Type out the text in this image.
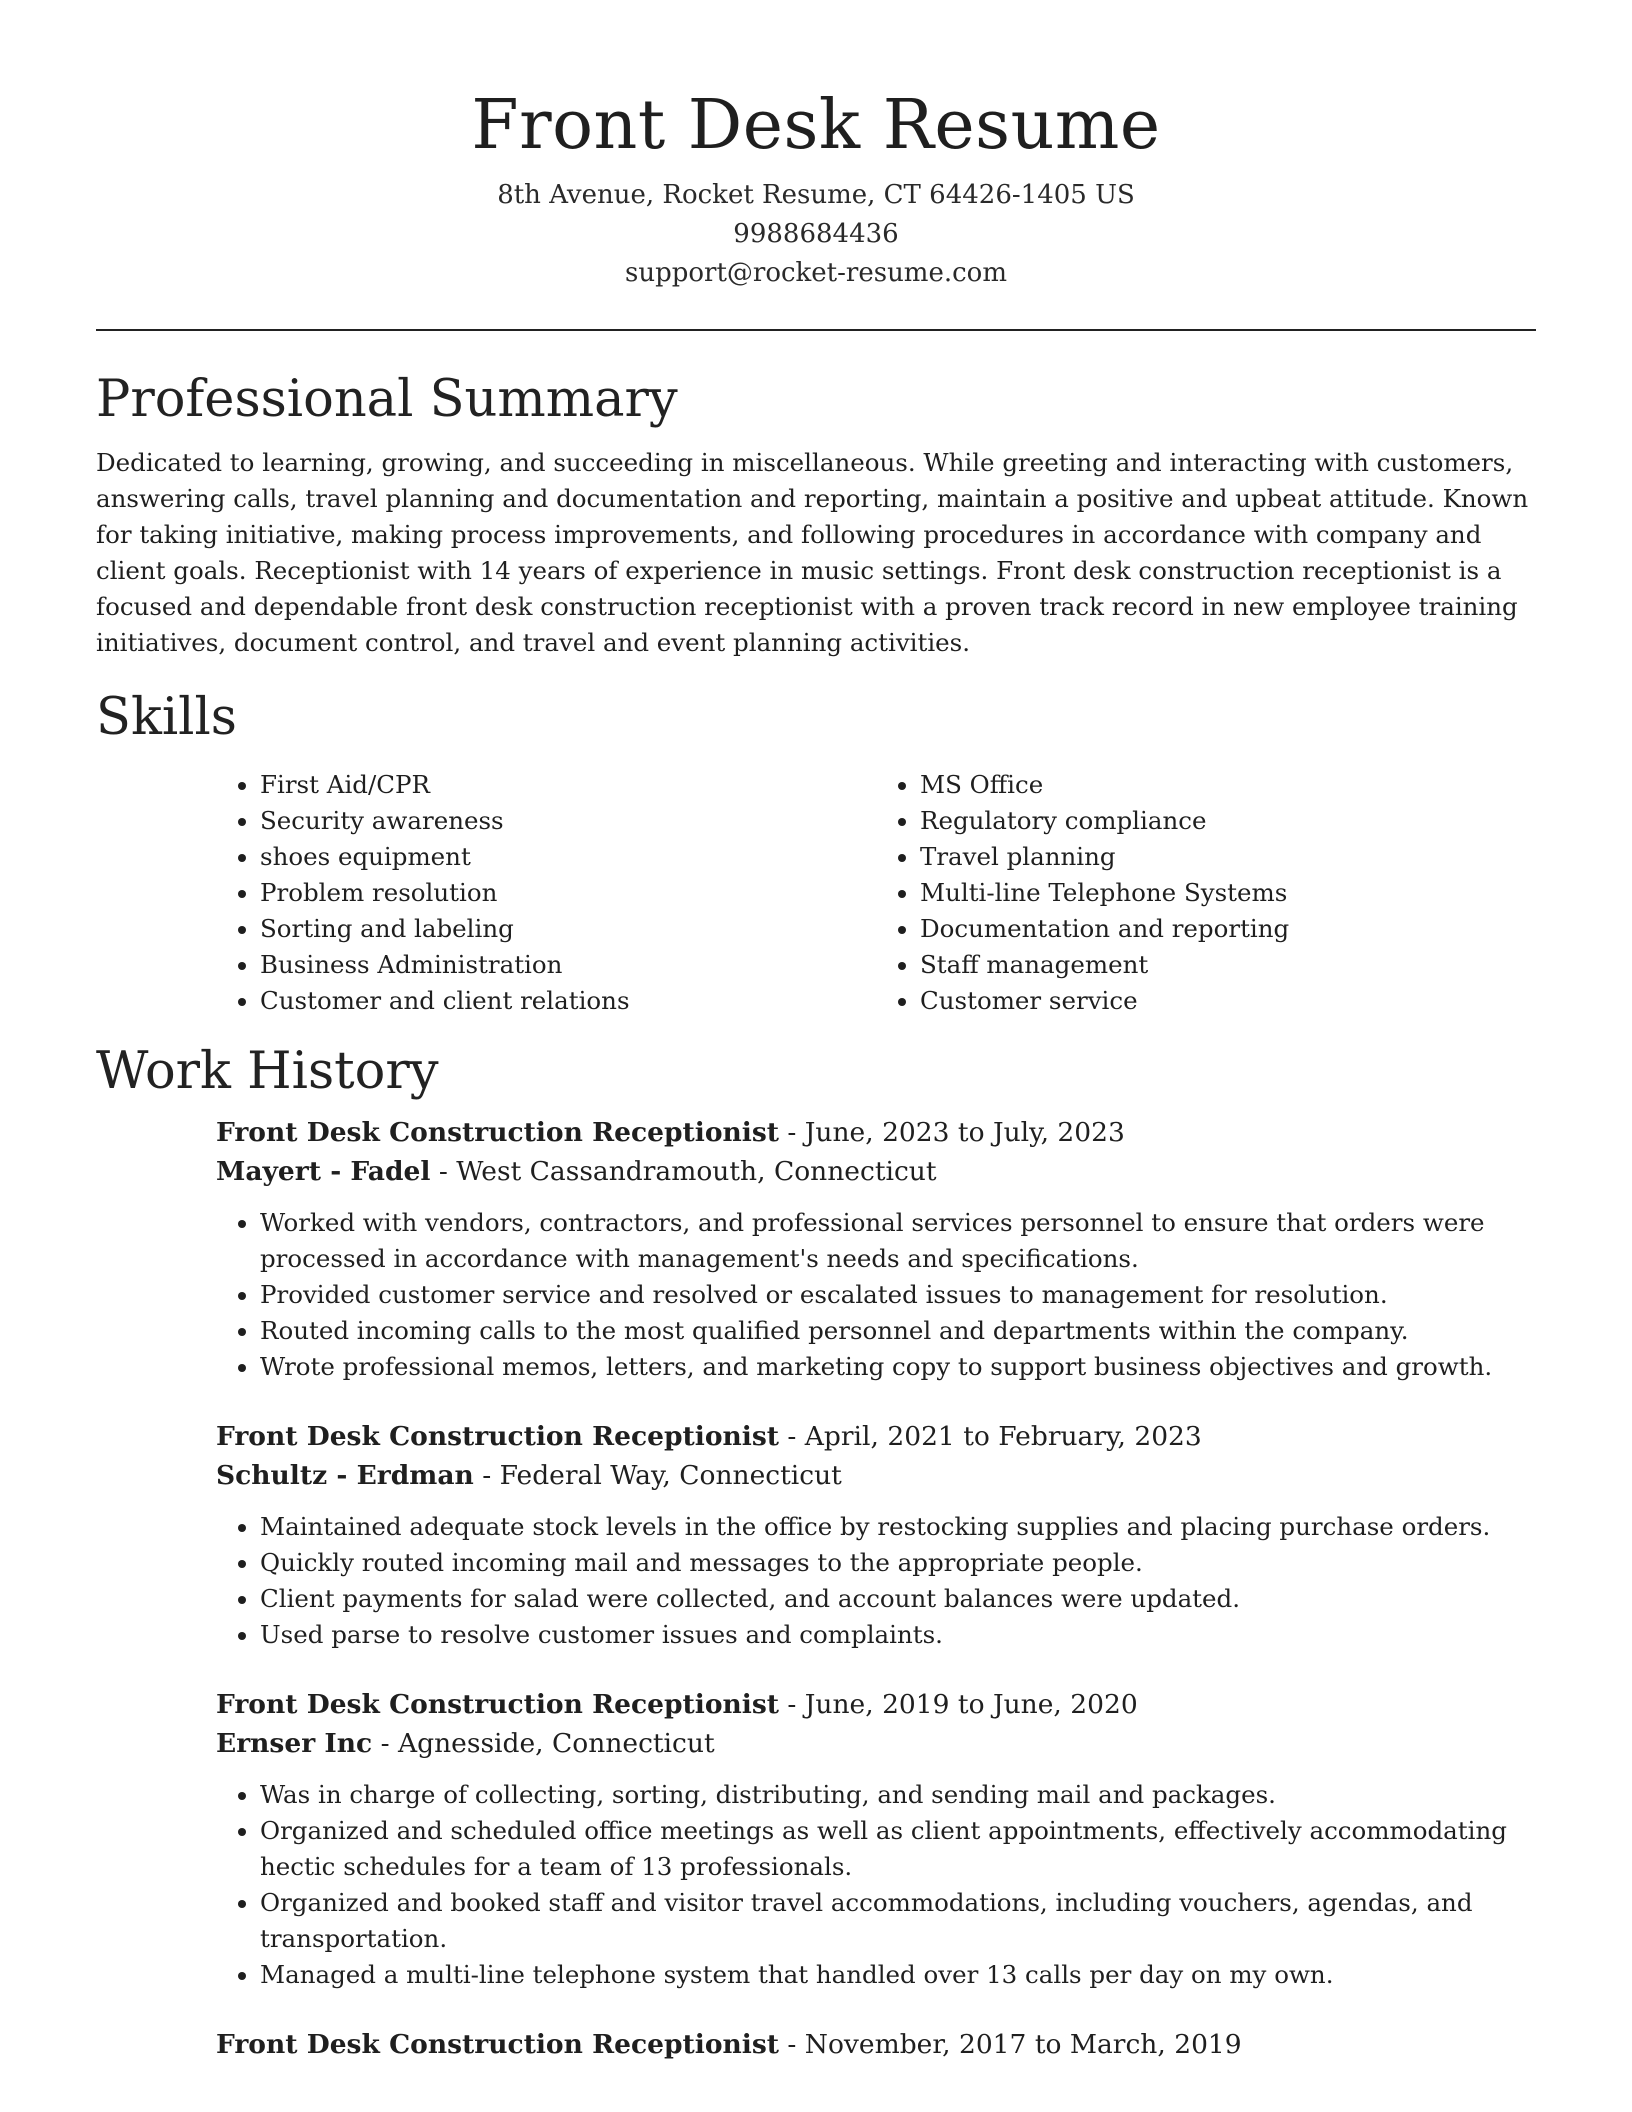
Front Desk Resume
8th Avenue, Rocket Resume, CT 64426-1405 US
9988684436
support@rocket-resume.com
Professional Summary

Dedicated to learning, growing, and succeeding in miscellaneous. While greeting and interacting with customers, answering calls, travel planning and documentation and reporting, maintain a positive and upbeat attitude. Known for taking initiative, making process improvements, and following procedures in accordance with company and client goals. Receptionist with 14 years of experience in music settings. Front desk construction receptionist is a focused and dependable front desk construction receptionist with a proven track record in new employee training initiatives, document control, and travel and event planning activities.

Skills
• First Aid/CPR
• Security awareness
• shoes equipment
• Problem resolution
• Sorting and labeling
• Business Administration
• Customer and client relations
• MS Office
• Regulatory compliance
• Travel planning
• Multi-line Telephone Systems
• Documentation and reporting
• Staff management
• Customer service
Work History

Front Desk Construction Receptionist - June, 2023 to July, 2023

Mayert - Fadel - West Cassandramouth, Connecticut

• Worked with vendors, contractors, and professional services personnel to ensure that orders were processed in accordance with management's needs and specifications.
• Provided customer service and resolved or escalated issues to management for resolution.
• Routed incoming calls to the most qualified personnel and departments within the company.
• Wrote professional memos, letters, and marketing copy to support business objectives and growth.

Front Desk Construction Receptionist - April, 2021 to February, 2023

Schultz - Erdman - Federal Way, Connecticut

• Maintained adequate stock levels in the office by restocking supplies and placing purchase orders.
• Quickly routed incoming mail and messages to the appropriate people.
• Client payments for salad were collected, and account balances were updated.
• Used parse to resolve customer issues and complaints.

Front Desk Construction Receptionist - June, 2019 to June, 2020

Ernser Inc - Agnesside, Connecticut

• Was in charge of collecting, sorting, distributing, and sending mail and packages.
• Organized and scheduled office meetings as well as client appointments, effectively accommodating hectic schedules for a team of 13 professionals.
• Organized and booked staff and visitor travel accommodations, including vouchers, agendas, and transportation.
• Managed a multi-line telephone system that handled over 13 calls per day on my own.

Front Desk Construction Receptionist - November, 2017 to March, 2019
